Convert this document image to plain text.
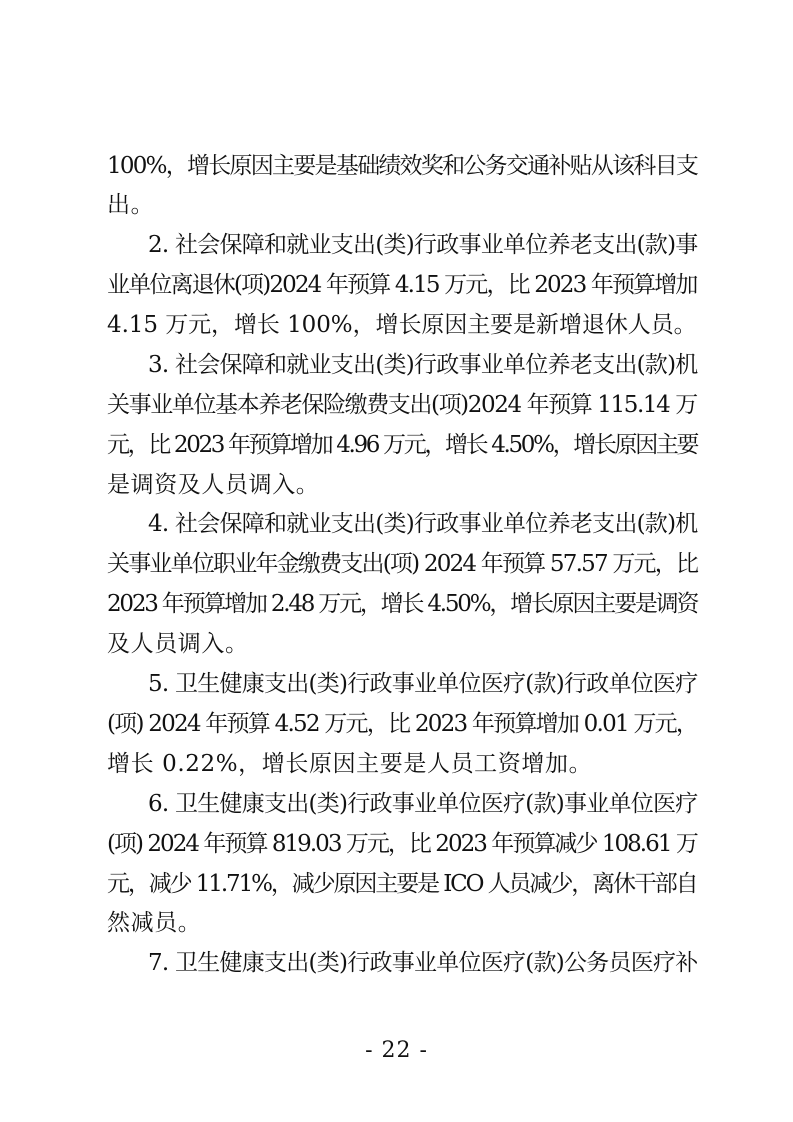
100%，增长原因主要是基础绩效奖和公务交通补贴从该科目支
出。
2. 社会保障和就业支出(类)行政事业单位养老支出(款)事
业单位离退休(项)2024 年预算 4.15 万元，比 2023 年预算增加
4.15 万元，增长 100%，增长原因主要是新增退休人员。
3. 社会保障和就业支出(类)行政事业单位养老支出(款)机
关事业单位基本养老保险缴费支出(项)2024 年预算 115.14 万
元，比 2023 年预算增加 4.96 万元，增长 4.50%，增长原因主要
是调资及人员调入。
4. 社会保障和就业支出(类)行政事业单位养老支出(款)机
关事业单位职业年金缴费支出(项) 2024 年预算 57.57 万元，比
2023 年预算增加 2.48 万元，增长 4.50%，增长原因主要是调资
及人员调入。
5. 卫生健康支出(类)行政事业单位医疗(款)行政单位医疗
(项) 2024 年预算 4.52 万元，比 2023 年预算增加 0.01 万元，
增长 0.22%，增长原因主要是人员工资增加。
6. 卫生健康支出(类)行政事业单位医疗(款)事业单位医疗
(项) 2024 年预算 819.03 万元，比 2023 年预算减少 108.61 万
元，减少 11.71%，减少原因主要是 ICO 人员减少，离休干部自
然减员。
7. 卫生健康支出(类)行政事业单位医疗(款)公务员医疗补
- 22 -
